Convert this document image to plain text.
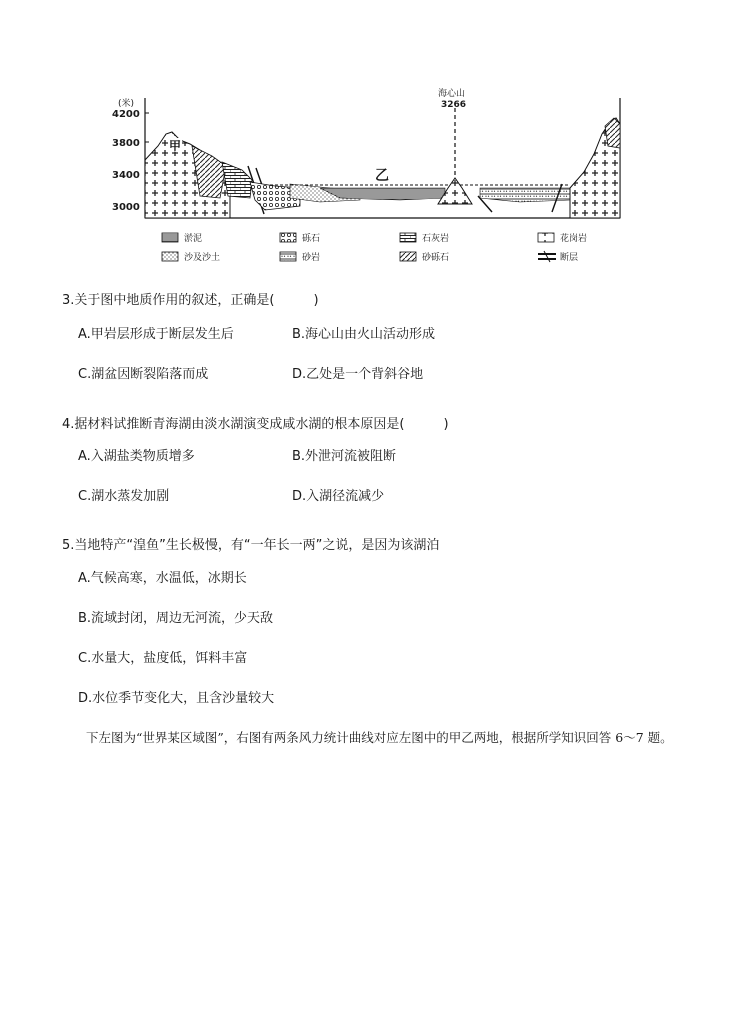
(米)
4200
3800
3400
3000
海心山
3266
乙
甲
淤泥	砾石	石灰岩	花岗岩
沙及沙土	砂岩	砂砾石	断层
3.关于图中地质作用的叙述，正确是(　　　)
A.甲岩层形成于断层发生后	B.海心山由火山活动形成
C.湖盆因断裂陷落而成	D.乙处是一个背斜谷地
4.据材料试推断青海湖由淡水湖演变成咸水湖的根本原因是(　　　)
A.入湖盐类物质增多	B.外泄河流被阻断
C.湖水蒸发加剧	D.入湖径流减少
5.当地特产“湟鱼”生长极慢，有“一年长一两”之说，是因为该湖泊
A.气候高寒，水温低，冰期长
B.流域封闭，周边无河流，少天敌
C.水量大，盐度低，饵料丰富
D.水位季节变化大，且含沙量较大
下左图为“世界某区域图”，右图有两条风力统计曲线对应左图中的甲乙两地，根据所学知识回答 6～7 题。
